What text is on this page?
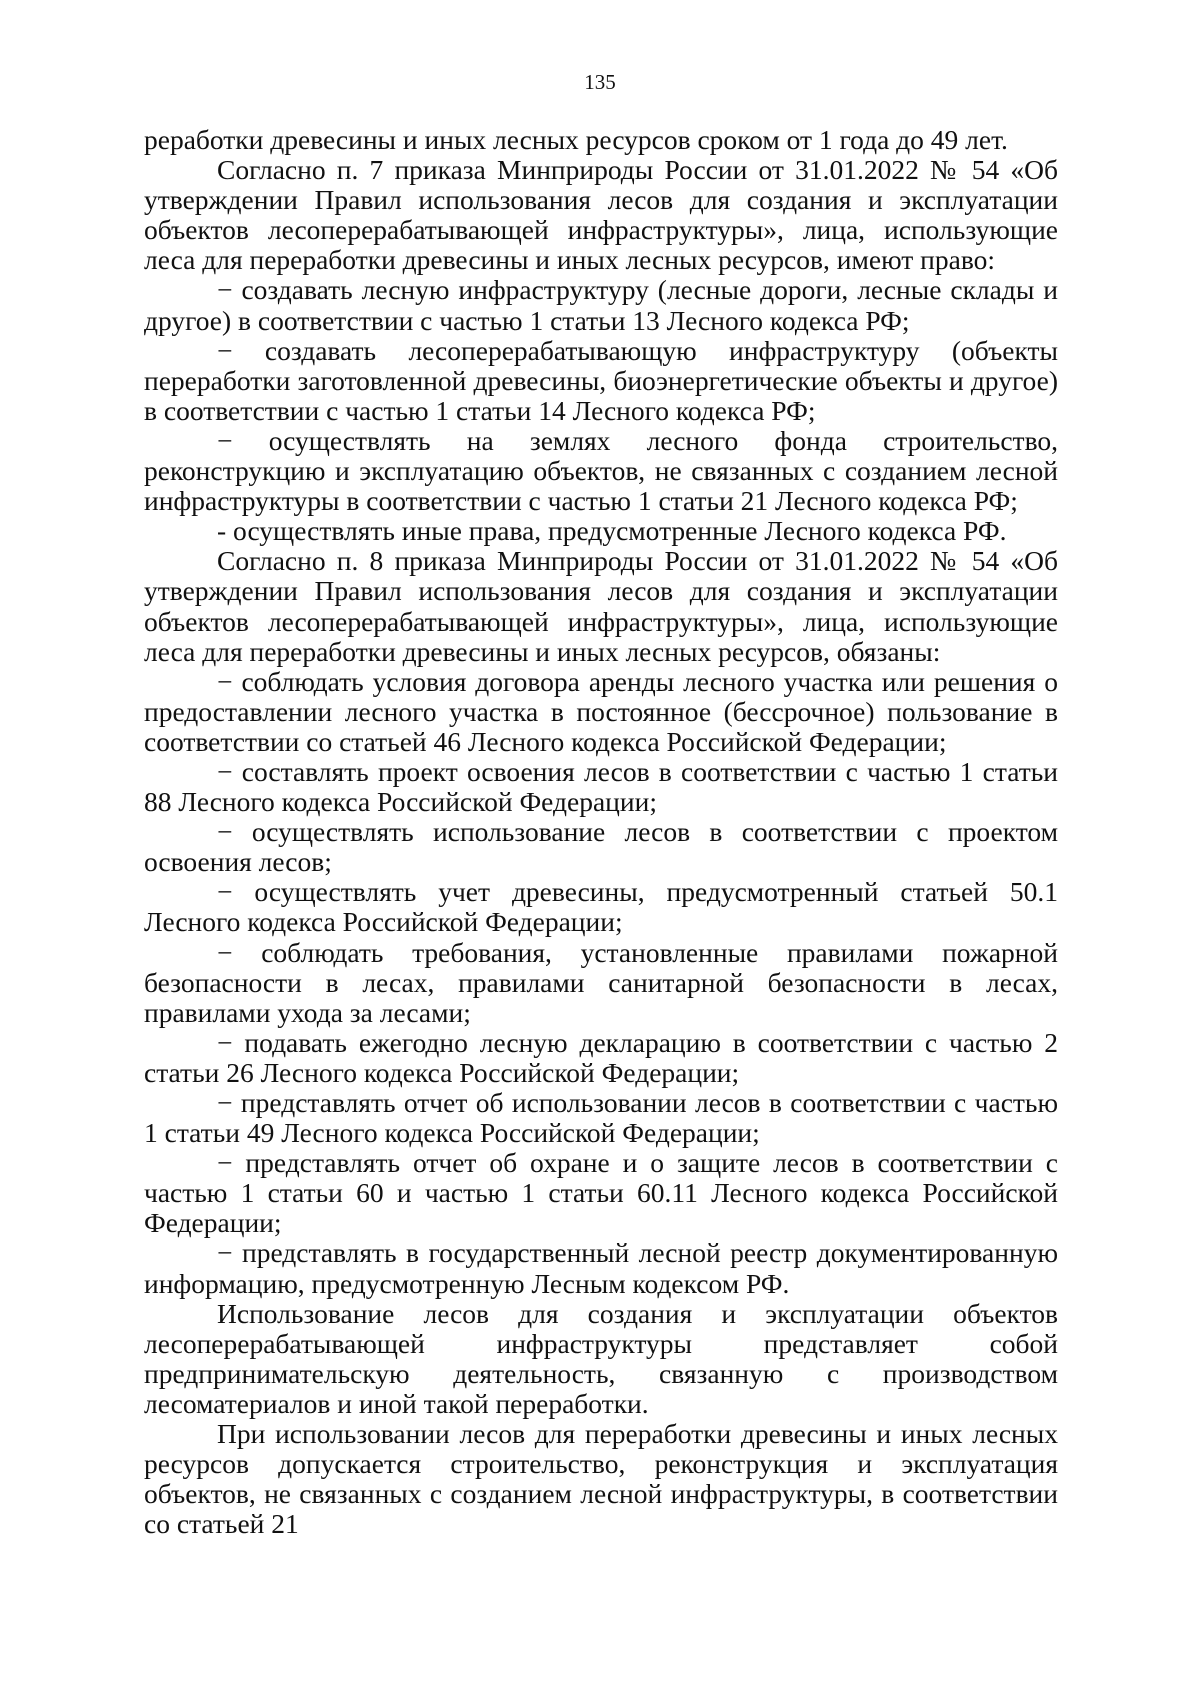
135

реработки древесины и иных лесных ресурсов сроком от 1 года до 49 лет.

Согласно п. 7 приказа Минприроды России от 31.01.2022 № 54 «Об утверждении Правил использования лесов для создания и эксплуатации объектов лесоперерабатывающей инфраструктуры», лица, использующие леса для переработки древесины и иных лесных ресурсов, имеют право:

− создавать лесную инфраструктуру (лесные дороги, лесные склады и другое) в соответствии с частью 1 статьи 13 Лесного кодекса РФ;

− создавать лесоперерабатывающую инфраструктуру (объекты переработки заготовленной древесины, биоэнергетические объекты и другое) в соответствии с частью 1 статьи 14 Лесного кодекса РФ;

− осуществлять на землях лесного фонда строительство, реконструкцию и эксплуатацию объектов, не связанных с созданием лесной инфраструктуры в соответствии с частью 1 статьи 21 Лесного кодекса РФ;

- осуществлять иные права, предусмотренные Лесного кодекса РФ.

Согласно п. 8 приказа Минприроды России от 31.01.2022 № 54 «Об утверждении Правил использования лесов для создания и эксплуатации объектов лесоперерабатывающей инфраструктуры», лица, использующие леса для переработки древесины и иных лесных ресурсов, обязаны:

− соблюдать условия договора аренды лесного участка или решения о предоставлении лесного участка в постоянное (бессрочное) пользование в соответствии со статьей 46 Лесного кодекса Российской Федерации;

− составлять проект освоения лесов в соответствии с частью 1 статьи 88 Лесного кодекса Российской Федерации;

− осуществлять использование лесов в соответствии с проектом освоения лесов;

− осуществлять учет древесины, предусмотренный статьей 50.1 Лесного кодекса Российской Федерации;

− соблюдать требования, установленные правилами пожарной безопасности в лесах, правилами санитарной безопасности в лесах, правилами ухода за лесами;

− подавать ежегодно лесную декларацию в соответствии с частью 2 статьи 26 Лесного кодекса Российской Федерации;

− представлять отчет об использовании лесов в соответствии с частью 1 статьи 49 Лесного кодекса Российской Федерации;

− представлять отчет об охране и о защите лесов в соответствии с частью 1 статьи 60 и частью 1 статьи 60.11 Лесного кодекса Российской Федерации;

− представлять в государственный лесной реестр документированную информацию, предусмотренную Лесным кодексом РФ.

Использование лесов для создания и эксплуатации объектов лесоперерабатывающей инфраструктуры представляет собой предпринимательскую деятельность, связанную с производством лесоматериалов и иной такой переработки.

При использовании лесов для переработки древесины и иных лесных ресурсов допускается строительство, реконструкция и эксплуатация объектов, не связанных с созданием лесной инфраструктуры, в соответствии со статьей 21
